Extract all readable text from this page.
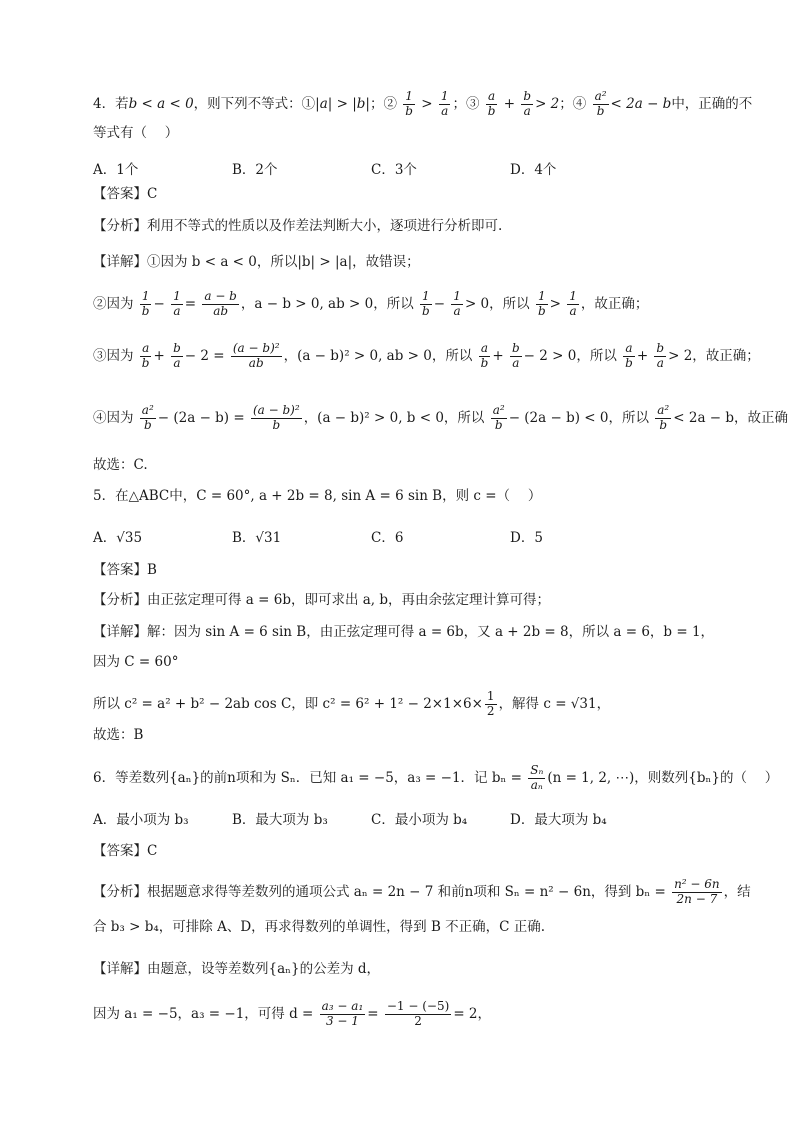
4．若b < a < 0，则下列不等式：①|a| > |b|；② $\frac{1}{b} > \frac{1}{a}$ ；③ $\frac{a}{b} + \frac{b}{a} > 2$；④ $\frac{\text{a²}}{b} < 2a - b$中，正确的不
等式有（　 ）
A．1个	B．2个	C．3个	D．4个
【答案】C
【分析】利用不等式的性质以及作差法判断大小，逐项进行分析即可.
【详解】①因为 b < a < 0，所以|b| > |a|，故错误；
②因为 $\frac{1}{b} - \frac{1}{a} = \frac{a - b}{ab}$ ，a − b > 0, ab > 0，所以 $\frac{1}{b} - \frac{1}{a} > 0$，所以 $\frac{1}{b} > \frac{1}{a}$ ，故正确；
③因为 $\frac{a}{b} + \frac{b}{a} - 2 = \frac{\text{(a − b)²}}{ab}$ ，(a − b)² > 0, ab > 0，所以 $\frac{a}{b} + \frac{b}{a} - 2 > 0$，所以 $\frac{a}{b} + \frac{b}{a} > 2$，故正确；
④因为 $\frac{\text{a²}}{b} - (2a - b) = \frac{\text{(a − b)²}}{b}$ ，(a − b)² > 0, b < 0，所以 $\frac{\text{a²}}{b} - (2a - b) < 0$，所以 $\frac{\text{a²}}{b} < 2a - b$，故正确
故选：C.
5．在△ABC中，C = 60°, a + 2b = 8, sin A = 6 sin B，则 c =（　 ）
A．√35	B．√31	C．6	D．5
【答案】B
【分析】由正弦定理可得 a = 6b，即可求出 a, b，再由余弦定理计算可得；
【详解】解：因为 sin A = 6 sin B，由正弦定理可得 a = 6b，又 a + 2b = 8，所以 a = 6，b = 1，
因为 C = 60°
所以 c² = a² + b² − 2ab cos C，即 $c^2 = 6^2 + 1^2 - 2\times 1\times 6\times \frac{1}{2}$ ，解得 c = √31，
故选：B
6．等差数列{aₙ}的前n项和为 Sₙ．已知 a₁ = −5，a₃ = −1．记 $b_n = \frac{\text{Sₙ}}{\text{aₙ}} (n = 1$, 2, ⋯)，则数列{bₙ}的（　 ）
A．最小项为 b₃	B．最大项为 b₃	C．最小项为 b₄	D．最大项为 b₄
【答案】C
【分析】根据题意求得等差数列的通项公式 aₙ = 2n − 7 和前n项和 Sₙ = n² − 6n，得到 $b_n = \frac{\text{n² − 6n}}{2n - 7}$ ，结
合 b₃ > b₄，可排除 A、D，再求得数列的单调性，得到 B 不正确，C 正确.
【详解】由题意，设等差数列{aₙ}的公差为 d，
因为 a₁ = −5，a₃ = −1，可得 $d = \frac{\text{a₃ − a₁}}{3 - 1} = \frac{-1 - (-5)}{2} = 2$，
